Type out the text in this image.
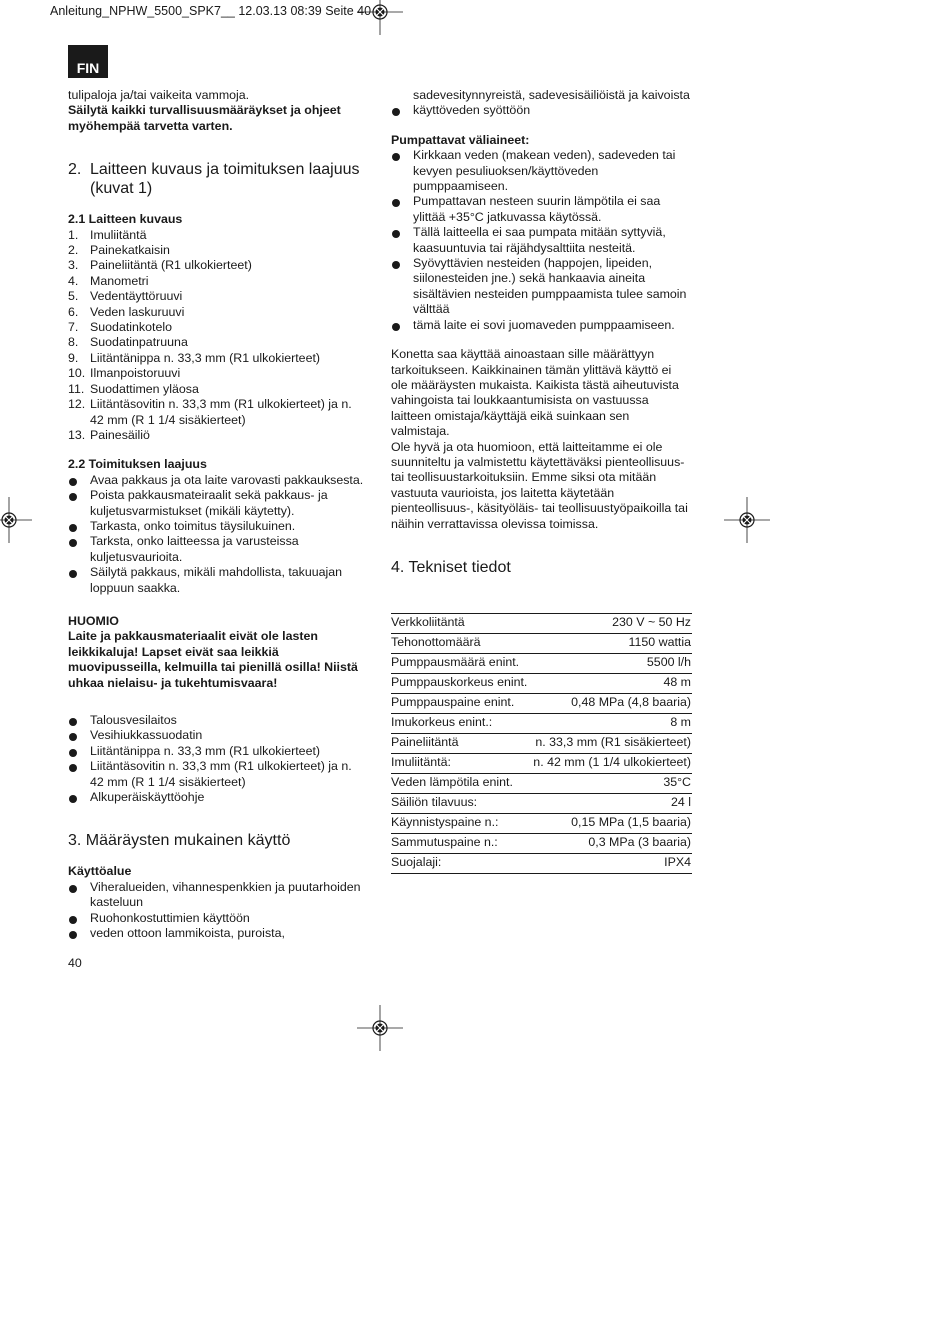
Anleitung_NPHW_5500_SPK7__ 12.03.13 08:39 Seite 40
FIN

tulipaloja ja/tai vaikeita vammoja.

Säilytä kaikki turvallisuusmääräykset ja ohjeet myöhempää tarvetta varten.

2. Laitteen kuvaus ja toimituksen laajuus (kuvat 1)

2.1 Laitteen kuvaus

1. Imuliitäntä
2. Painekatkaisin
3. Paineliitäntä (R1 ulkokierteet)
4. Manometri
5. Vedentäyttöruuvi
6. Veden laskuruuvi
7. Suodatinkotelo
8. Suodatinpatruuna
9. Liitäntänippa n. 33,3 mm (R1 ulkokierteet)
10. Ilmanpoistoruuvi
11. Suodattimen yläosa
12. Liitäntäsovitin n. 33,3 mm (R1 ulkokierteet) ja n. 42 mm (R 1 1/4 sisäkierteet)
13. Painesäiliö

2.2 Toimituksen laajuus

Avaa pakkaus ja ota laite varovasti pakkauksesta.
Poista pakkausmateiraalit sekä pakkaus- ja kuljetusvarmistukset (mikäli käytetty).
Tarkasta, onko toimitus täysilukuinen.
Tarksta, onko laitteessa ja varusteissa kuljetusvaurioita.
Säilytä pakkaus, mikäli mahdollista, takuuajan loppuun saakka.

HUOMIO

Laite ja pakkausmateriaalit eivät ole lasten leikkikaluja! Lapset eivät saa leikkiä muovipusseilla, kelmuilla tai pienillä osilla! Niistä uhkaa nielaisu- ja tukehtumisvaara!

Talousvesilaitos
Vesihiukkassuodatin
Liitäntänippa n. 33,3 mm (R1 ulkokierteet)
Liitäntäsovitin n. 33,3 mm (R1 ulkokierteet) ja n. 42 mm (R 1 1/4 sisäkierteet)
Alkuperäiskäyttöohje
3. Määräysten mukainen käyttö

Käyttöalue

Viheralueiden, vihannespenkkien ja puutarhoiden kasteluun
Ruohonkostuttimien käyttöön
veden ottoon lammikoista, puroista,
40

sadevesitynnyreistä, sadevesisäiliöistä ja kaivoista

käyttöveden syöttöön

Pumpattavat väliaineet:

Kirkkaan veden (makean veden), sadeveden tai kevyen pesuliuoksen/käyttöveden pumppaamiseen.
Pumpattavan nesteen suurin lämpötila ei saa ylittää +35°C jatkuvassa käytössä.
Tällä laitteella ei saa pumpata mitään syttyviä, kaasuuntuvia tai räjähdysalttiita nesteitä.
Syövyttävien nesteiden (happojen, lipeiden, siilonesteiden jne.) sekä hankaavia aineita sisältävien nesteiden pumppaamista tulee samoin välttää
tämä laite ei sovi juomaveden pumppaamiseen.

Konetta saa käyttää ainoastaan sille määrättyyn tarkoitukseen. Kaikkinainen tämän ylittävä käyttö ei ole määräysten mukaista. Kaikista tästä aiheutuvista vahingoista tai loukkaantumisista on vastuussa laitteen omistaja/käyttäjä eikä suinkaan sen valmistaja.

Ole hyvä ja ota huomioon, että laitteitamme ei ole suunniteltu ja valmistettu käytettäväksi pienteollisuus- tai teollisuustarkoituksiin. Emme siksi ota mitään vastuuta vaurioista, jos laitetta käytetään pienteollisuus-, käsityöläis- tai teollisuustyöpaikoilla tai näihin verrattavissa olevissa toimissa.

4. Tekniset tiedot
Verkkoliitäntä	230 V ~ 50 Hz
Tehonottomäärä	1150 wattia
Pumppausmäärä enint.	5500 l/h
Pumppauskorkeus enint.	48 m
Pumppauspaine enint.	0,48 MPa (4,8 baaria)
Imukorkeus enint.:	8 m
Paineliitäntä	n. 33,3 mm (R1 sisäkierteet)
Imuliitäntä:	n. 42 mm (1 1/4 ulkokierteet)
Veden lämpötila enint.	35°C
Säiliön tilavuus:	24 l
Käynnistyspaine n.:	0,15 MPa (1,5 baaria)
Sammutuspaine n.:	0,3 MPa (3 baaria)
Suojalaji:	IPX4
